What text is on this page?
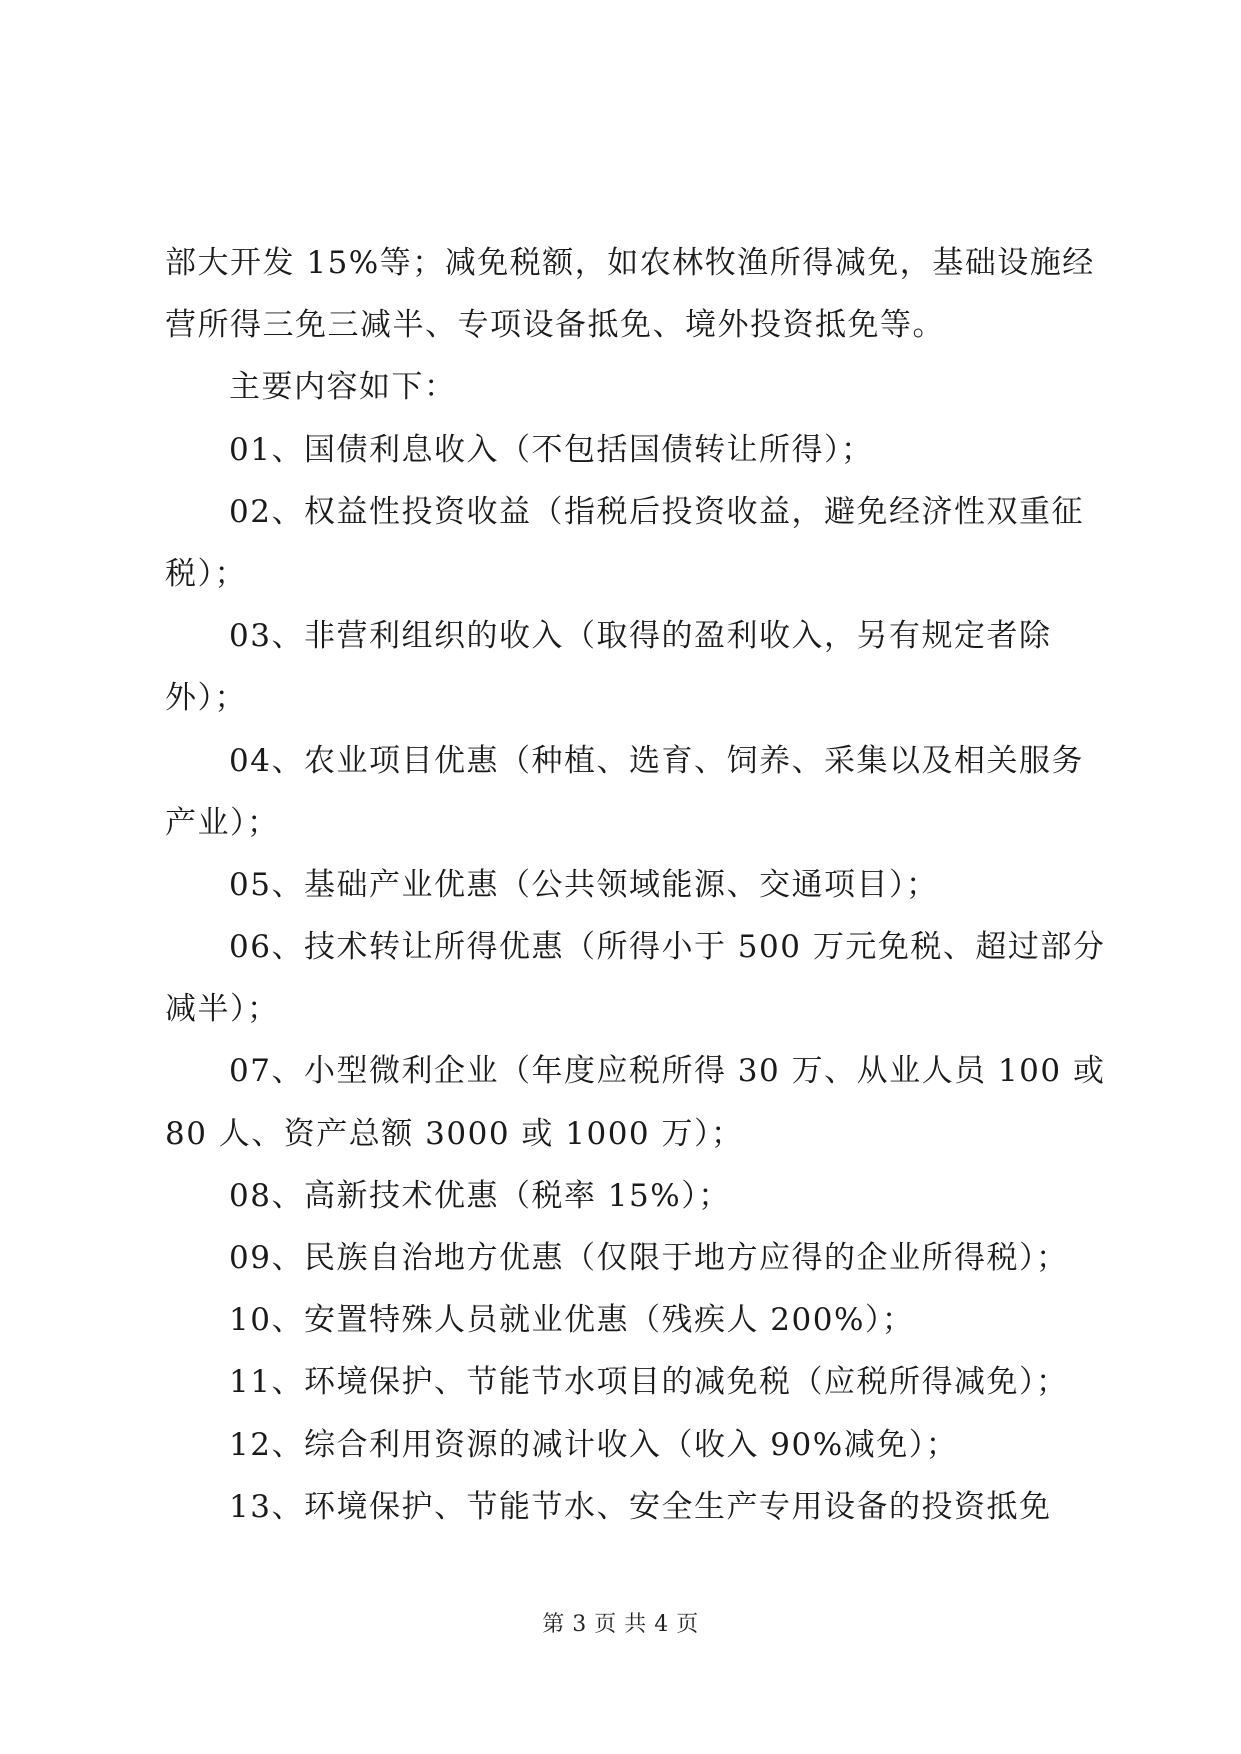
部大开发 15%等；减免税额，如农林牧渔所得减免，基础设施经

营所得三免三减半、专项设备抵免、境外投资抵免等。

主要内容如下：

01、国债利息收入（不包括国债转让所得）；

02、权益性投资收益（指税后投资收益，避免经济性双重征

税）；

03、非营利组织的收入（取得的盈利收入，另有规定者除

外）；

04、农业项目优惠（种植、选育、饲养、采集以及相关服务

产业）；

05、基础产业优惠（公共领域能源、交通项目）；

06、技术转让所得优惠（所得小于 500 万元免税、超过部分

减半）；

07、小型微利企业（年度应税所得 30 万、从业人员 100 或

80 人、资产总额 3000 或 1000 万）；

08、高新技术优惠（税率 15%）；

09、民族自治地方优惠（仅限于地方应得的企业所得税）；

10、安置特殊人员就业优惠（残疾人 200%）；

11、环境保护、节能节水项目的减免税（应税所得减免）；

12、综合利用资源的减计收入（收入 90%减免）；

13、环境保护、节能节水、安全生产专用设备的投资抵免

第 3 页 共 4 页
